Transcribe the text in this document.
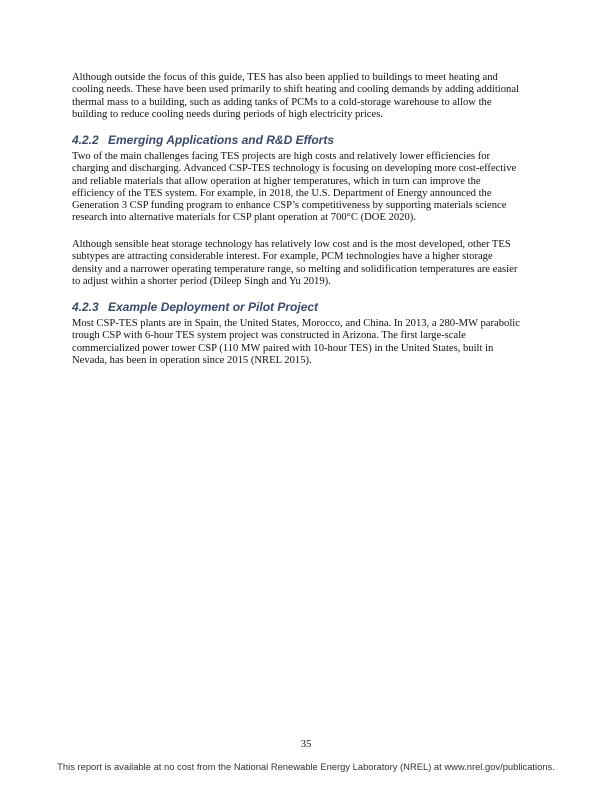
Although outside the focus of this guide, TES has also been applied to buildings to meet heating and
cooling needs. These have been used primarily to shift heating and cooling demands by adding additional
thermal mass to a building, such as adding tanks of PCMs to a cold-storage warehouse to allow the
building to reduce cooling needs during periods of high electricity prices.
4.2.2 Emerging Applications and R&D Efforts
Two of the main challenges facing TES projects are high costs and relatively lower efficiencies for
charging and discharging. Advanced CSP-TES technology is focusing on developing more cost-effective
and reliable materials that allow operation at higher temperatures, which in turn can improve the
efficiency of the TES system. For example, in 2018, the U.S. Department of Energy announced the
Generation 3 CSP funding program to enhance CSP’s competitiveness by supporting materials science
research into alternative materials for CSP plant operation at 700°C (DOE 2020).
Although sensible heat storage technology has relatively low cost and is the most developed, other TES
subtypes are attracting considerable interest. For example, PCM technologies have a higher storage
density and a narrower operating temperature range, so melting and solidification temperatures are easier
to adjust within a shorter period (Dileep Singh and Yu 2019).
4.2.3 Example Deployment or Pilot Project
Most CSP-TES plants are in Spain, the United States, Morocco, and China. In 2013, a 280-MW parabolic
trough CSP with 6-hour TES system project was constructed in Arizona. The first large-scale
commercialized power tower CSP (110 MW paired with 10-hour TES) in the United States, built in
Nevada, has been in operation since 2015 (NREL 2015).
35
This report is available at no cost from the National Renewable Energy Laboratory (NREL) at www.nrel.gov/publications.
